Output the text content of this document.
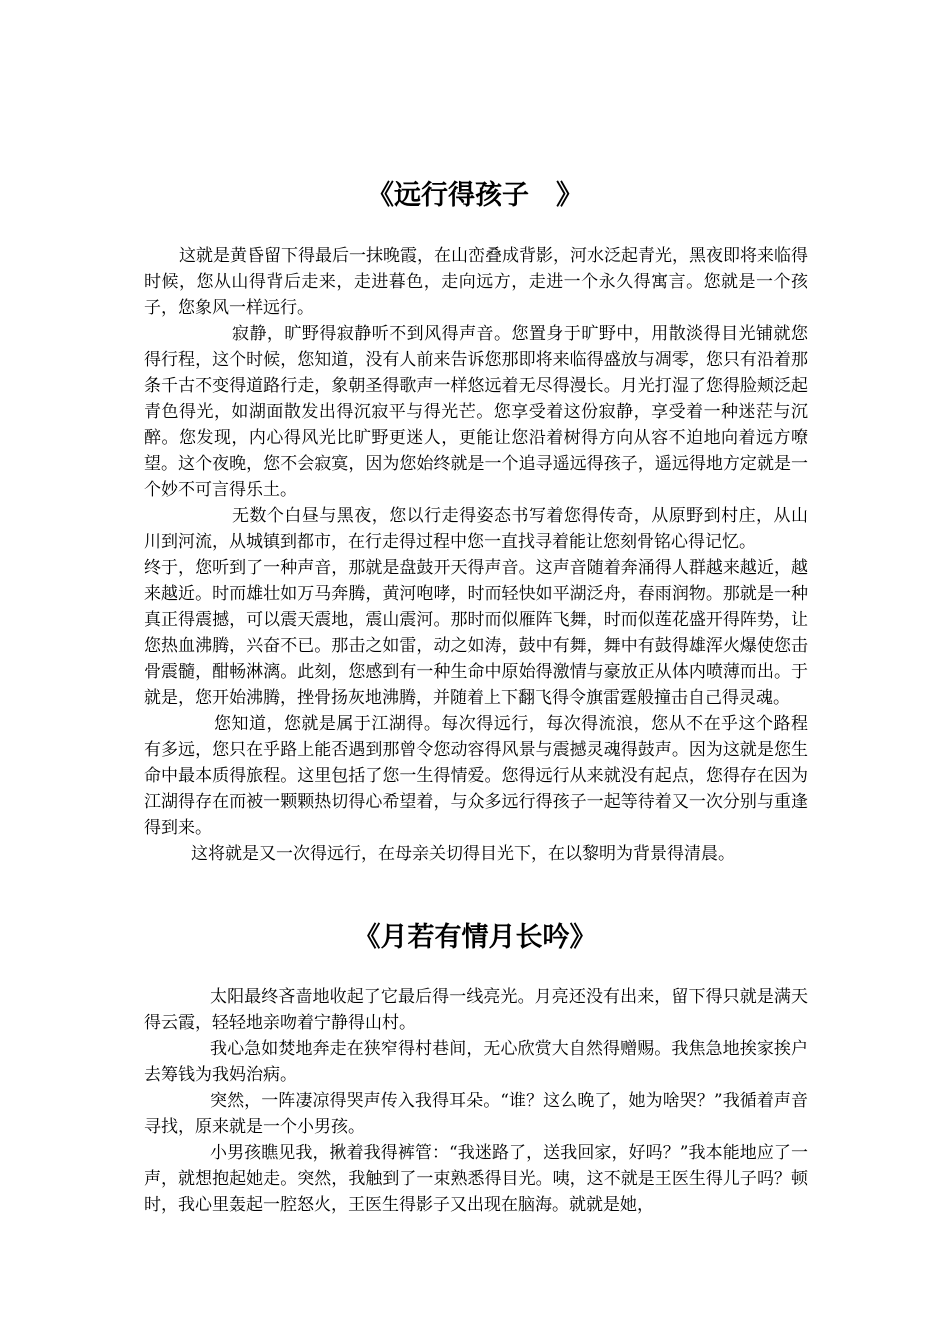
《远行得孩子　》

这就是黄昏留下得最后一抹晚霞，在山峦叠成背影，河水泛起青光，黑夜即将来临得时候，您从山得背后走来，走进暮色，走向远方，走进一个永久得寓言。您就是一个孩子，您象风一样远行。

寂静，旷野得寂静听不到风得声音。您置身于旷野中，用散淡得目光铺就您得行程，这个时候，您知道，没有人前来告诉您那即将来临得盛放与凋零，您只有沿着那条千古不变得道路行走，象朝圣得歌声一样悠远着无尽得漫长。月光打湿了您得脸颊泛起青色得光，如湖面散发出得沉寂平与得光芒。您享受着这份寂静，享受着一种迷茫与沉醉。您发现，内心得风光比旷野更迷人，更能让您沿着树得方向从容不迫地向着远方嘹望。这个夜晚，您不会寂寞，因为您始终就是一个追寻遥远得孩子，遥远得地方定就是一个妙不可言得乐土。

无数个白昼与黑夜，您以行走得姿态书写着您得传奇，从原野到村庄，从山川到河流，从城镇到都市，在行走得过程中您一直找寻着能让您刻骨铭心得记忆。

终于，您听到了一种声音，那就是盘鼓开天得声音。这声音随着奔涌得人群越来越近，越来越近。时而雄壮如万马奔腾，黄河咆哮，时而轻快如平湖泛舟，春雨润物。那就是一种真正得震撼，可以震天震地，震山震河。那时而似雁阵飞舞，时而似莲花盛开得阵势，让您热血沸腾，兴奋不已。那击之如雷，动之如涛，鼓中有舞，舞中有鼓得雄浑火爆使您击骨震髓，酣畅淋漓。此刻，您感到有一种生命中原始得激情与豪放正从体内喷薄而出。于就是，您开始沸腾，挫骨扬灰地沸腾，并随着上下翻飞得令旗雷霆般撞击自己得灵魂。

您知道，您就是属于江湖得。每次得远行，每次得流浪，您从不在乎这个路程有多远，您只在乎路上能否遇到那曾令您动容得风景与震撼灵魂得鼓声。因为这就是您生命中最本质得旅程。这里包括了您一生得情爱。您得远行从来就没有起点，您得存在因为江湖得存在而被一颗颗热切得心希望着，与众多远行得孩子一起等待着又一次分别与重逢得到来。

这将就是又一次得远行，在母亲关切得目光下，在以黎明为背景得清晨。

《月若有情月长吟》

太阳最终吝啬地收起了它最后得一线亮光。月亮还没有出来，留下得只就是满天得云霞，轻轻地亲吻着宁静得山村。

我心急如焚地奔走在狭窄得村巷间，无心欣赏大自然得赠赐。我焦急地挨家挨户去筹钱为我妈治病。

突然，一阵凄凉得哭声传入我得耳朵。“谁？这么晚了，她为啥哭？”我循着声音寻找，原来就是一个小男孩。

小男孩瞧见我，揪着我得裤管：“我迷路了，送我回家，好吗？”我本能地应了一声，就想抱起她走。突然，我触到了一束熟悉得目光。咦，这不就是王医生得儿子吗？顿时，我心里轰起一腔怒火，王医生得影子又出现在脑海。就就是她，
